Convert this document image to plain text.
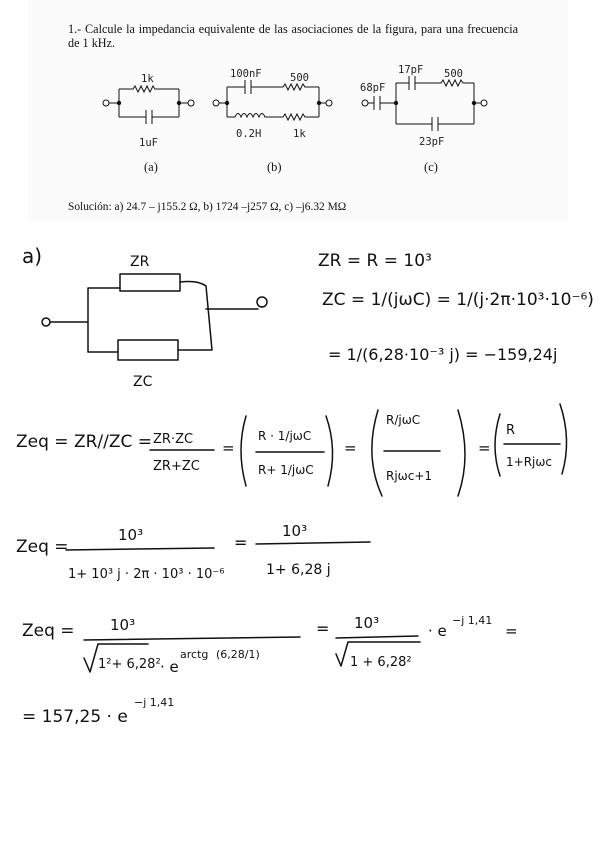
1.- Calcule la impedancia equivalente de las asociaciones de la figura, para una frecuencia de 1 kHz.

Solución: a) 24.7 – j155.2 Ω, b) 1724 –j257 Ω, c) –j6.32 MΩ

1k
1uF
(a)
100nF	500
0.2H	1k
(b)
68pF
17pF 500
23pF
(c)
a)	ZR
ZC
ZR = R = 10³
ZC = 1/(jωC) = 1/(j·2π·10³·10⁻⁶)
= 1/(6,28·10⁻³ j) = −159,24j
Zeq = ZR//ZC = ZR·ZC
ZR+ZC
=
R · 1/jωC
R+ 1/jωC
=
R/jωC
Rjωc+1
=
R
1+Rjωc
Zeq =
10³
1+ 10³ j · 2π · 10³ · 10⁻⁶
=
10³
1+ 6,28 j
Zeq = 10³
1²+ 6,28² · e
arctg (6,28/1)
= 10³
1 + 6,28²
· e
−j 1,41
=
= 157,25 · e
−j 1,41
